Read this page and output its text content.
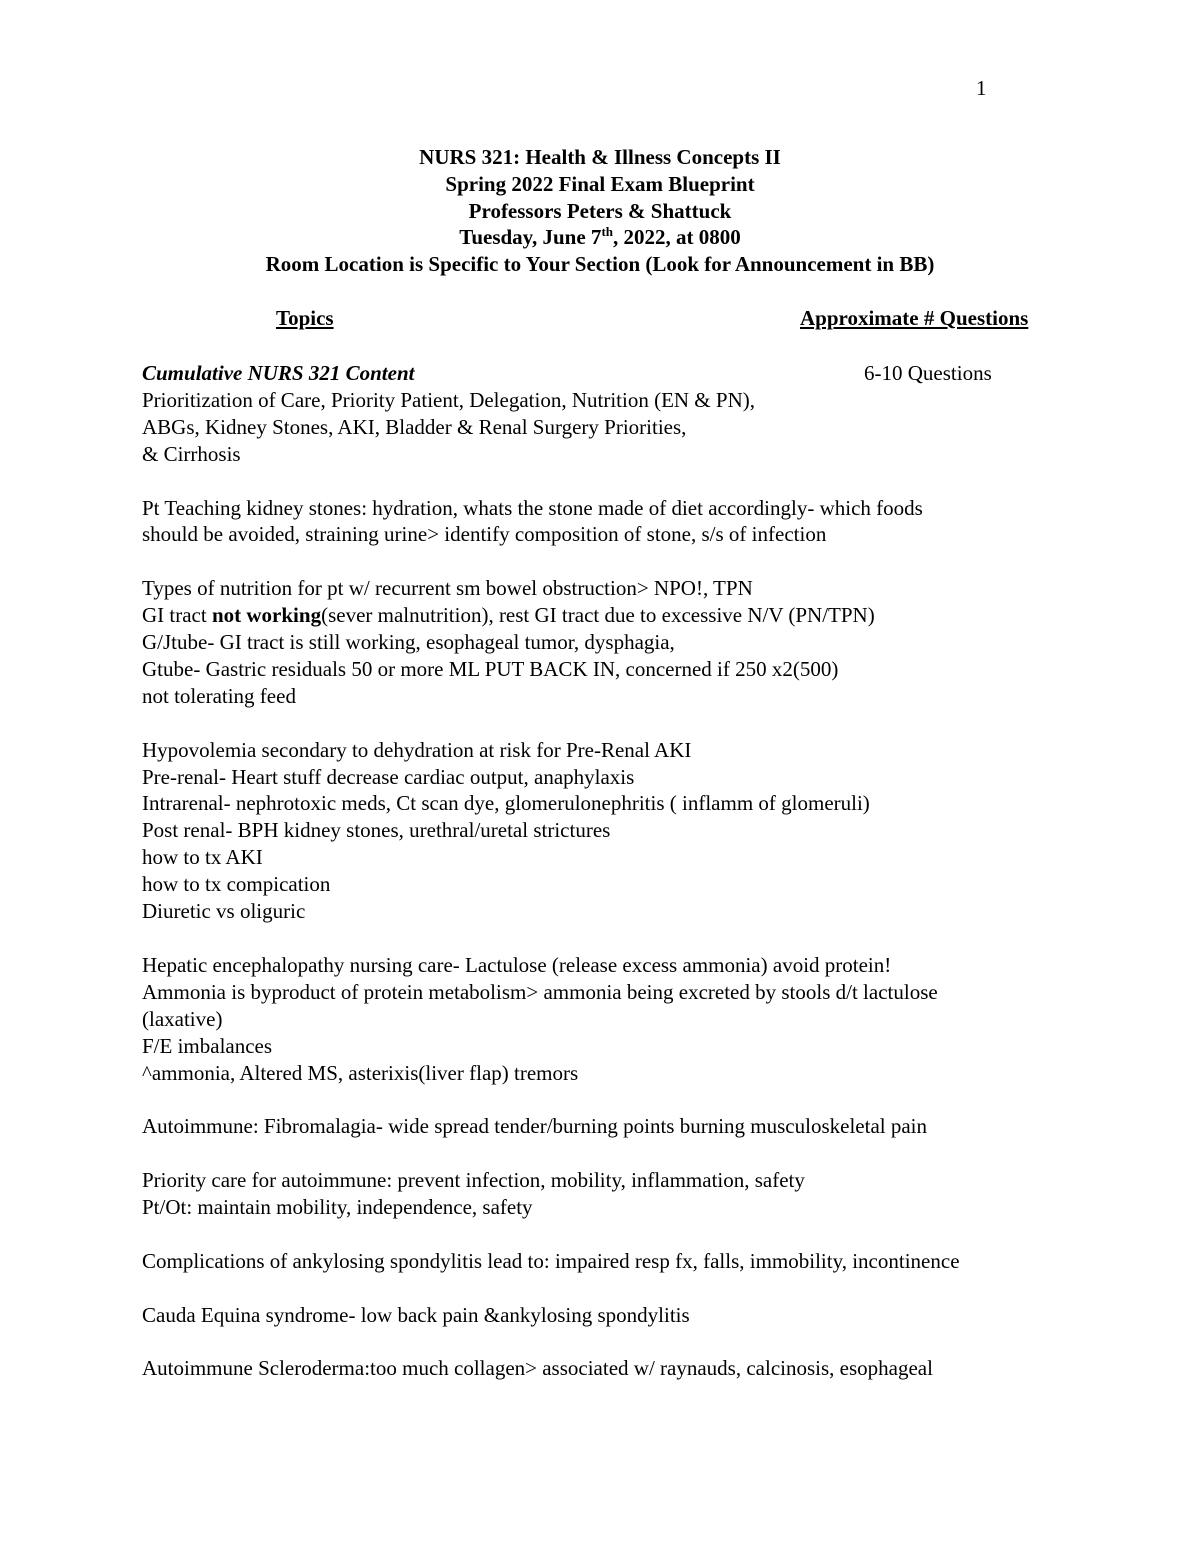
1
NURS 321: Health & Illness Concepts II
Spring 2022 Final Exam Blueprint
Professors Peters & Shattuck
Tuesday, June 7th, 2022, at 0800
Room Location is Specific to Your Section (Look for Announcement in BB)
Topics	Approximate # Questions
Cumulative NURS 321 Content	6-10 Questions
Prioritization of Care, Priority Patient, Delegation, Nutrition (EN & PN),
ABGs, Kidney Stones, AKI, Bladder & Renal Surgery Priorities,
& Cirrhosis
Pt Teaching kidney stones: hydration, whats the stone made of diet accordingly- which foods
should be avoided, straining urine> identify composition of stone, s/s of infection
Types of nutrition for pt w/ recurrent sm bowel obstruction> NPO!, TPN
GI tract not working(sever malnutrition), rest GI tract due to excessive N/V (PN/TPN)
G/Jtube- GI tract is still working, esophageal tumor, dysphagia,
Gtube- Gastric residuals 50 or more ML PUT BACK IN, concerned if 250 x2(500)
not tolerating feed
Hypovolemia secondary to dehydration at risk for Pre-Renal AKI
Pre-renal- Heart stuff decrease cardiac output, anaphylaxis
Intrarenal- nephrotoxic meds, Ct scan dye, glomerulonephritis ( inflamm of glomeruli)
Post renal- BPH kidney stones, urethral/uretal strictures
how to tx AKI
how to tx compication
Diuretic vs oliguric
Hepatic encephalopathy nursing care- Lactulose (release excess ammonia) avoid protein!
Ammonia is byproduct of protein metabolism> ammonia being excreted by stools d/t lactulose
(laxative)
F/E imbalances
^ammonia, Altered MS, asterixis(liver flap) tremors
Autoimmune: Fibromalagia- wide spread tender/burning points burning musculoskeletal pain
Priority care for autoimmune: prevent infection, mobility, inflammation, safety
Pt/Ot: maintain mobility, independence, safety
Complications of ankylosing spondylitis lead to: impaired resp fx, falls, immobility, incontinence
Cauda Equina syndrome- low back pain &ankylosing spondylitis
Autoimmune Scleroderma:too much collagen> associated w/ raynauds, calcinosis, esophageal
